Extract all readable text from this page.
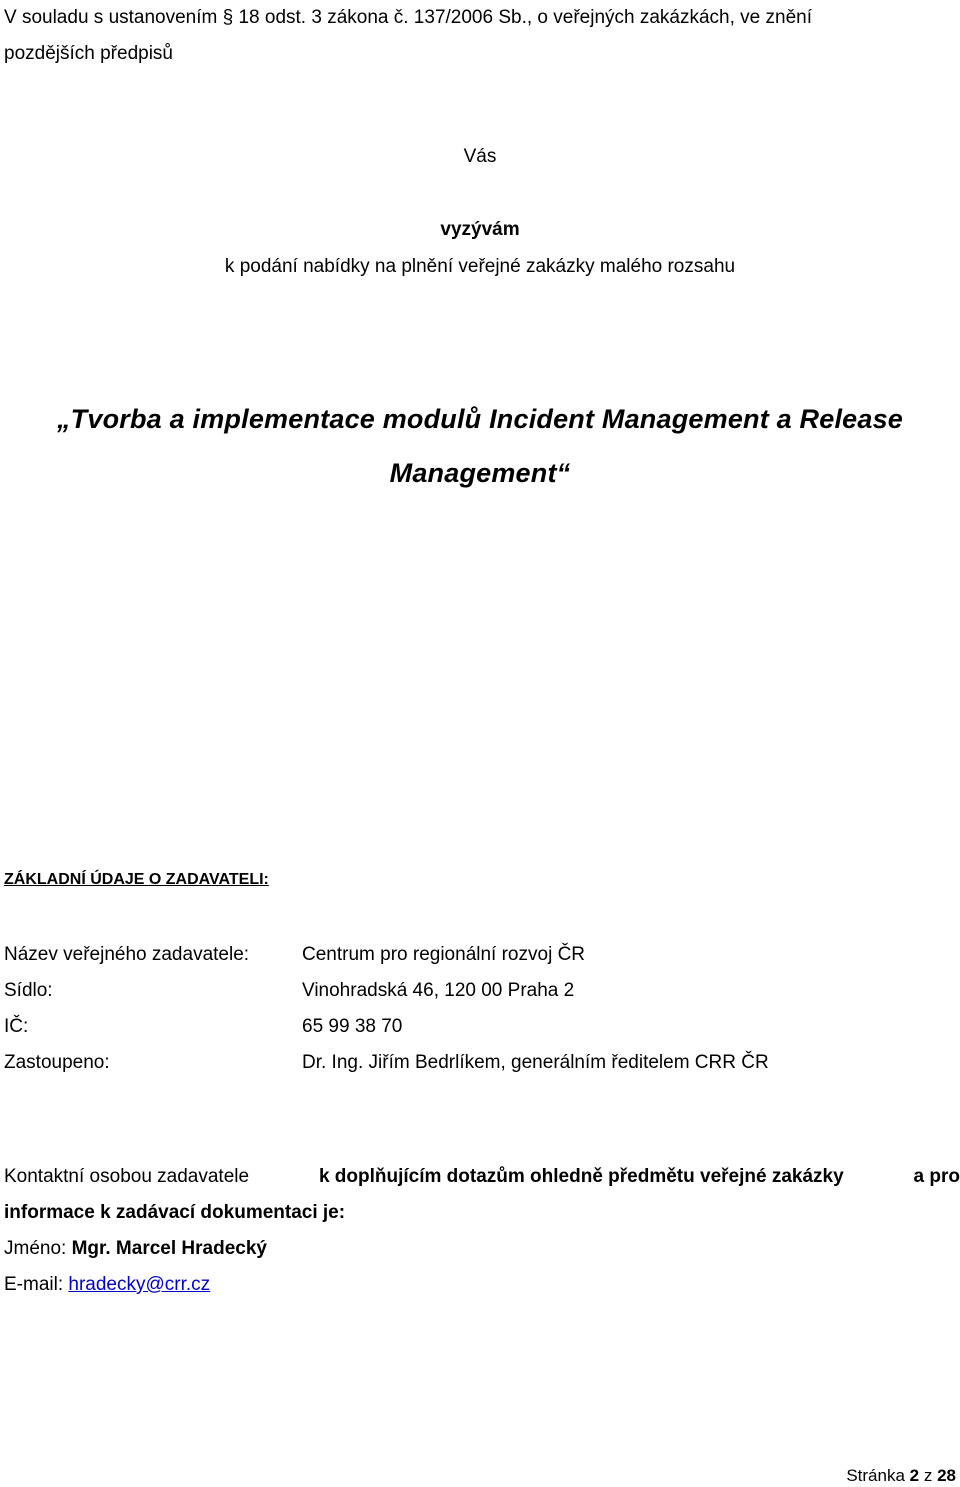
V souladu s ustanovením § 18 odst. 3 zákona č. 137/2006 Sb., o veřejných zakázkách, ve znění
pozdějších předpisů
Vás
vyzývám
k podání nabídky na plnění veřejné zakázky malého rozsahu
„Tvorba a implementace modulů Incident Management a Release
Management“
ZÁKLADNÍ ÚDAJE O ZADAVATELI:
Název veřejného zadavatele:	Centrum pro regionální rozvoj ČR
Sídlo:	Vinohradská 46, 120 00 Praha 2
IČ:	65 99 38 70
Zastoupeno:	Dr. Ing. Jiřím Bedrlíkem, generálním ředitelem CRR ČR
Kontaktní osobou zadavatele	k doplňujícím dotazům ohledně předmětu veřejné zakázky	a pro
informace k zadávací dokumentaci je:
Jméno: Mgr. Marcel Hradecký
E-mail: hradecky@crr.cz
Stránka 2 z 28
